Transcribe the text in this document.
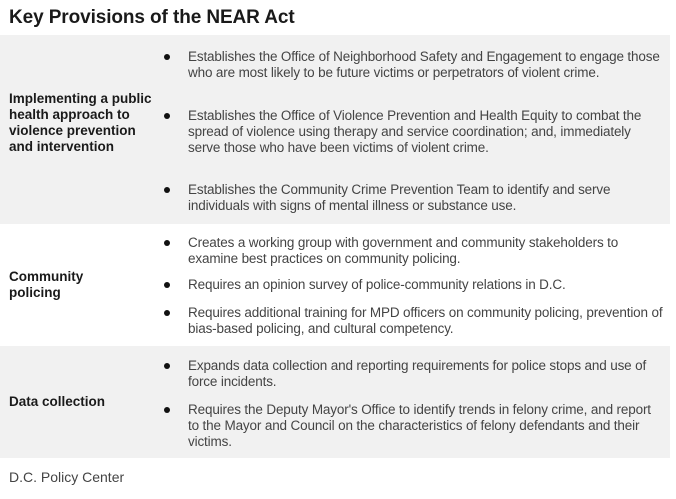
Key Provisions of the NEAR Act
Implementing a public health approach to violence prevention and intervention
Establishes the Office of Neighborhood Safety and Engagement to engage those who are most likely to be future victims or perpetrators of violent crime.
Establishes the Office of Violence Prevention and Health Equity to combat the spread of violence using therapy and service coordination; and, immediately serve those who have been victims of violent crime.
Establishes the Community Crime Prevention Team to identify and serve individuals with signs of mental illness or substance use.
Community policing
Creates a working group with government and community stakeholders to examine best practices on community policing.
Requires an opinion survey of police-community relations in D.C.
Requires additional training for MPD officers on community policing, prevention of bias-based policing, and cultural competency.
Data collection
Expands data collection and reporting requirements for police stops and use of force incidents.
Requires the Deputy Mayor's Office to identify trends in felony crime, and report to the Mayor and Council on the characteristics of felony defendants and their victims.
D.C. Policy Center
